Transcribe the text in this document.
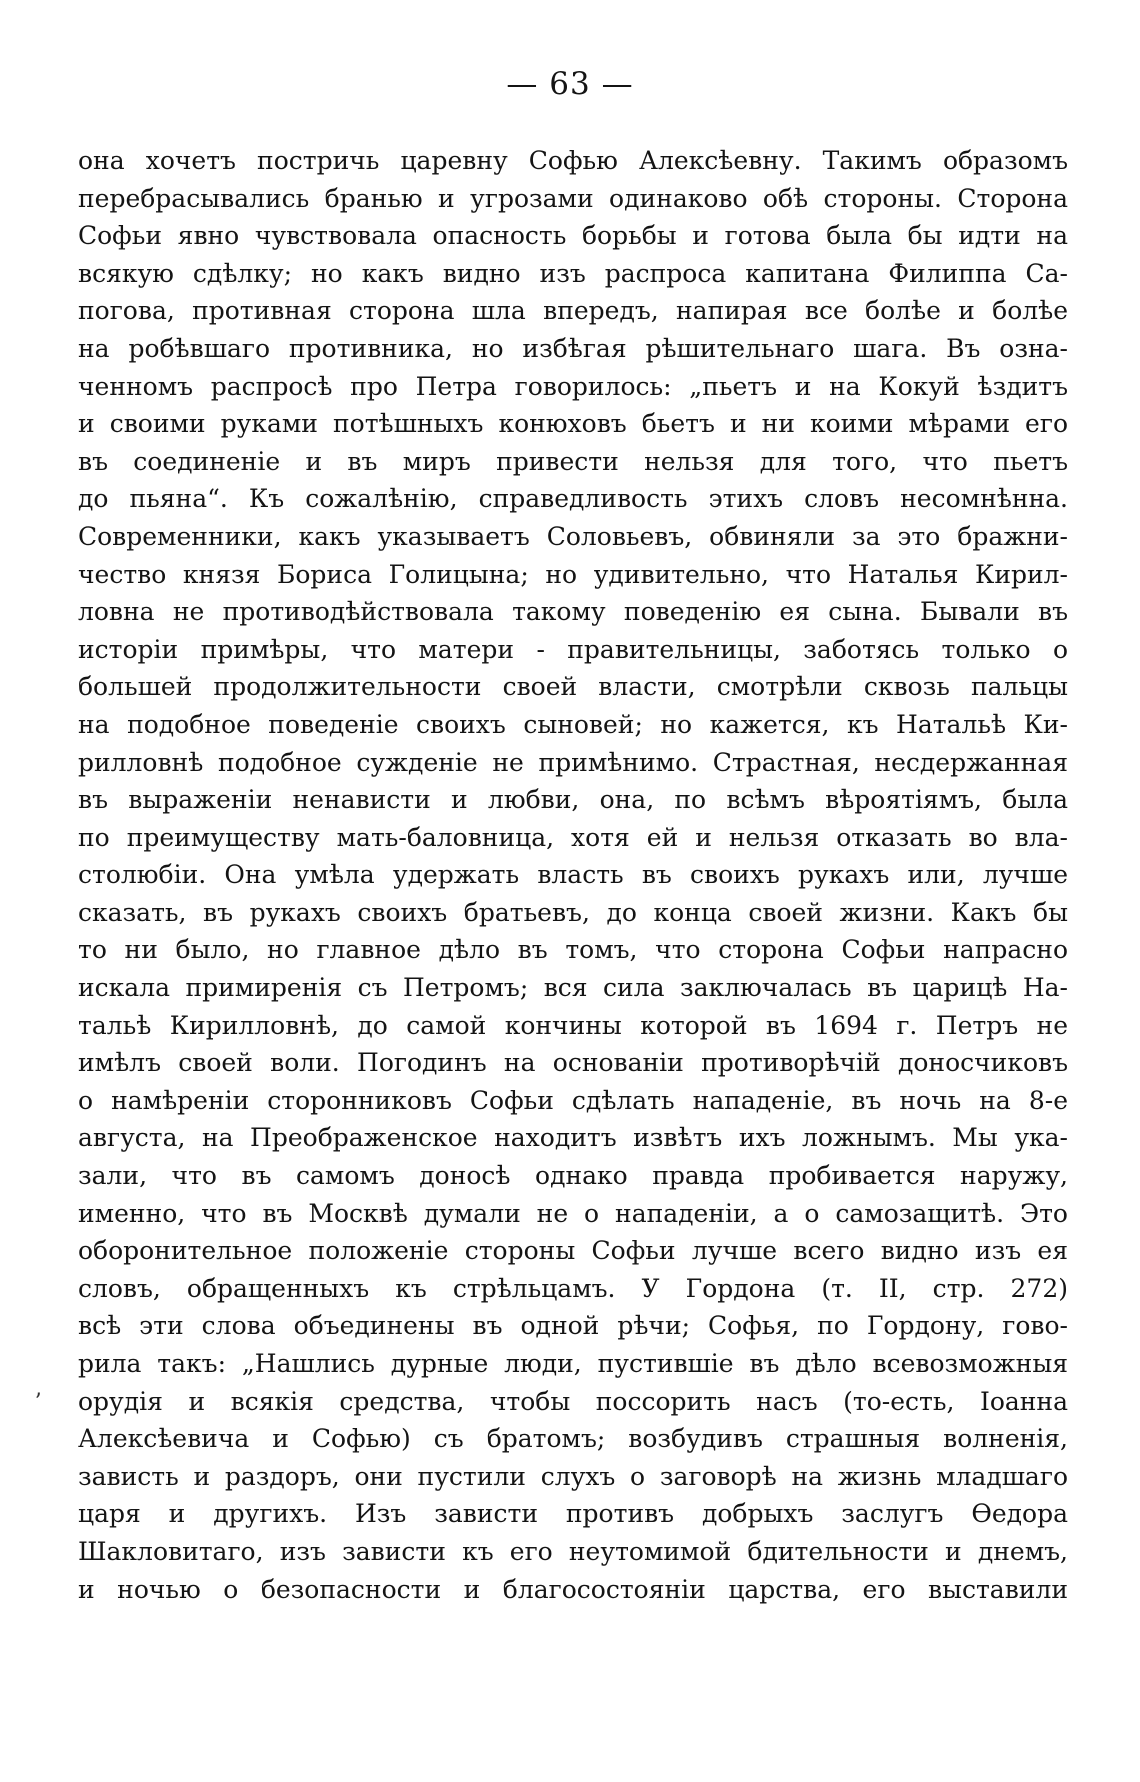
— 63 —
она хочетъ постричь царевну Софью Алексѣевну. Такимъ образомъ
перебрасывались бранью и угрозами одинаково обѣ стороны. Сторона
Софьи явно чувствовала опасность борьбы и готова была бы идти на
всякую сдѣлку; но какъ видно изъ распроса капитана Филиппа Са-
погова, противная сторона шла впередъ, напирая все болѣе и болѣе
на робѣвшаго противника, но избѣгая рѣшительнаго шага. Въ озна-
ченномъ распросѣ про Петра говорилось: „пьетъ и на Кокуй ѣздитъ
и своими руками потѣшныхъ конюховъ бьетъ и ни коими мѣрами его
въ соединеніе и въ миръ привести нельзя для того, что пьетъ
до пьяна“. Къ сожалѣнію, справедливость этихъ словъ несомнѣнна.
Современники, какъ указываетъ Соловьевъ, обвиняли за это бражни-
чество князя Бориса Голицына; но удивительно, что Наталья Кирил-
ловна не противодѣйствовала такому поведенію ея сына. Бывали въ
исторіи примѣры, что матери - правительницы, заботясь только о
большей продолжительности своей власти, смотрѣли сквозь пальцы
на подобное поведеніе своихъ сыновей; но кажется, къ Натальѣ Ки-
рилловнѣ подобное сужденіе не примѣнимо. Страстная, несдержанная
въ выраженіи ненависти и любви, она, по всѣмъ вѣроятіямъ, была
по преимуществу мать-баловница, хотя ей и нельзя отказать во вла-
столюбіи. Она умѣла удержать власть въ своихъ рукахъ или, лучше
сказать, въ рукахъ своихъ братьевъ, до конца своей жизни. Какъ бы
то ни было, но главное дѣло въ томъ, что сторона Софьи напрасно
искала примиренія съ Петромъ; вся сила заключалась въ царицѣ На-
тальѣ Кирилловнѣ, до самой кончины которой въ 1694 г. Петръ не
имѣлъ своей воли. Погодинъ на основаніи противорѣчій доносчиковъ
о намѣреніи сторонниковъ Софьи сдѣлать нападеніе, въ ночь на 8-е
августа, на Преображенское находитъ извѣтъ ихъ ложнымъ. Мы ука-
зали, что въ самомъ доносѣ однако правда пробивается наружу,
именно, что въ Москвѣ думали не о нападеніи, а о самозащитѣ. Это
оборонительное положеніе стороны Софьи лучше всего видно изъ ея
словъ, обращенныхъ къ стрѣльцамъ. У Гордона (т. II, стр. 272)
всѣ эти слова объединены въ одной рѣчи; Софья, по Гордону, гово-
рила такъ: „Нашлись дурные люди, пустившіе въ дѣло всевозможныя
орудія и всякія средства, чтобы поссорить насъ (то-есть, Іоанна
Алексѣевича и Софью) съ братомъ; возбудивъ страшныя волненія,
зависть и раздоръ, они пустили слухъ о заговорѣ на жизнь младшаго
царя и другихъ. Изъ зависти противъ добрыхъ заслугъ Ѳедора
Шакловитаго, изъ зависти къ его неутомимой бдительности и днемъ,
и ночью о безопасности и благосостояніи царства, его выставили
ʼ
